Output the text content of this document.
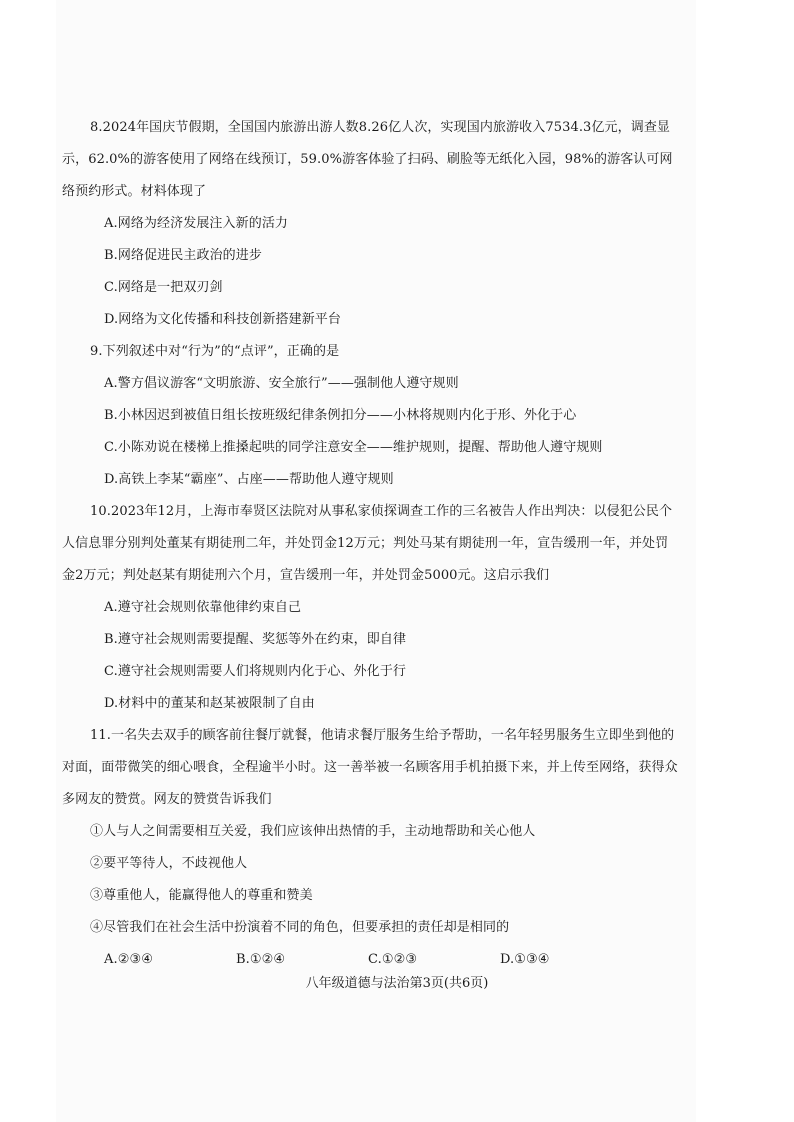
8.2024年国庆节假期，全国国内旅游出游人数8.26亿人次，实现国内旅游收入7534.3亿元，调查显示，62.0%的游客使用了网络在线预订，59.0%游客体验了扫码、刷脸等无纸化入园，98%的游客认可网络预约形式。材料体现了

A.网络为经济发展注入新的活力

B.网络促进民主政治的进步

C.网络是一把双刃剑

D.网络为文化传播和科技创新搭建新平台

9.下列叙述中对“行为”的“点评”，正确的是

A.警方倡议游客“文明旅游、安全旅行”——强制他人遵守规则

B.小林因迟到被值日组长按班级纪律条例扣分——小林将规则内化于形、外化于心

C.小陈劝说在楼梯上推搡起哄的同学注意安全——维护规则，提醒、帮助他人遵守规则

D.高铁上李某“霸座”、占座——帮助他人遵守规则

10.2023年12月，上海市奉贤区法院对从事私家侦探调查工作的三名被告人作出判决：以侵犯公民个人信息罪分别判处董某有期徒刑二年，并处罚金12万元；判处马某有期徒刑一年，宣告缓刑一年，并处罚金2万元；判处赵某有期徒刑六个月，宣告缓刑一年，并处罚金5000元。这启示我们

A.遵守社会规则依靠他律约束自己

B.遵守社会规则需要提醒、奖惩等外在约束，即自律

C.遵守社会规则需要人们将规则内化于心、外化于行

D.材料中的董某和赵某被限制了自由

11.一名失去双手的顾客前往餐厅就餐，他请求餐厅服务生给予帮助，一名年轻男服务生立即坐到他的对面，面带微笑的细心喂食，全程逾半小时。这一善举被一名顾客用手机拍摄下来，并上传至网络，获得众多网友的赞赏。网友的赞赏告诉我们

①人与人之间需要相互关爱，我们应该伸出热情的手，主动地帮助和关心他人

②要平等待人，不歧视他人

③尊重他人，能赢得他人的尊重和赞美

④尽管我们在社会生活中扮演着不同的角色，但要承担的责任却是相同的

A.②③④	B.①②④	C.①②③	D.①③④
八年级道德与法治第3页(共6页)
